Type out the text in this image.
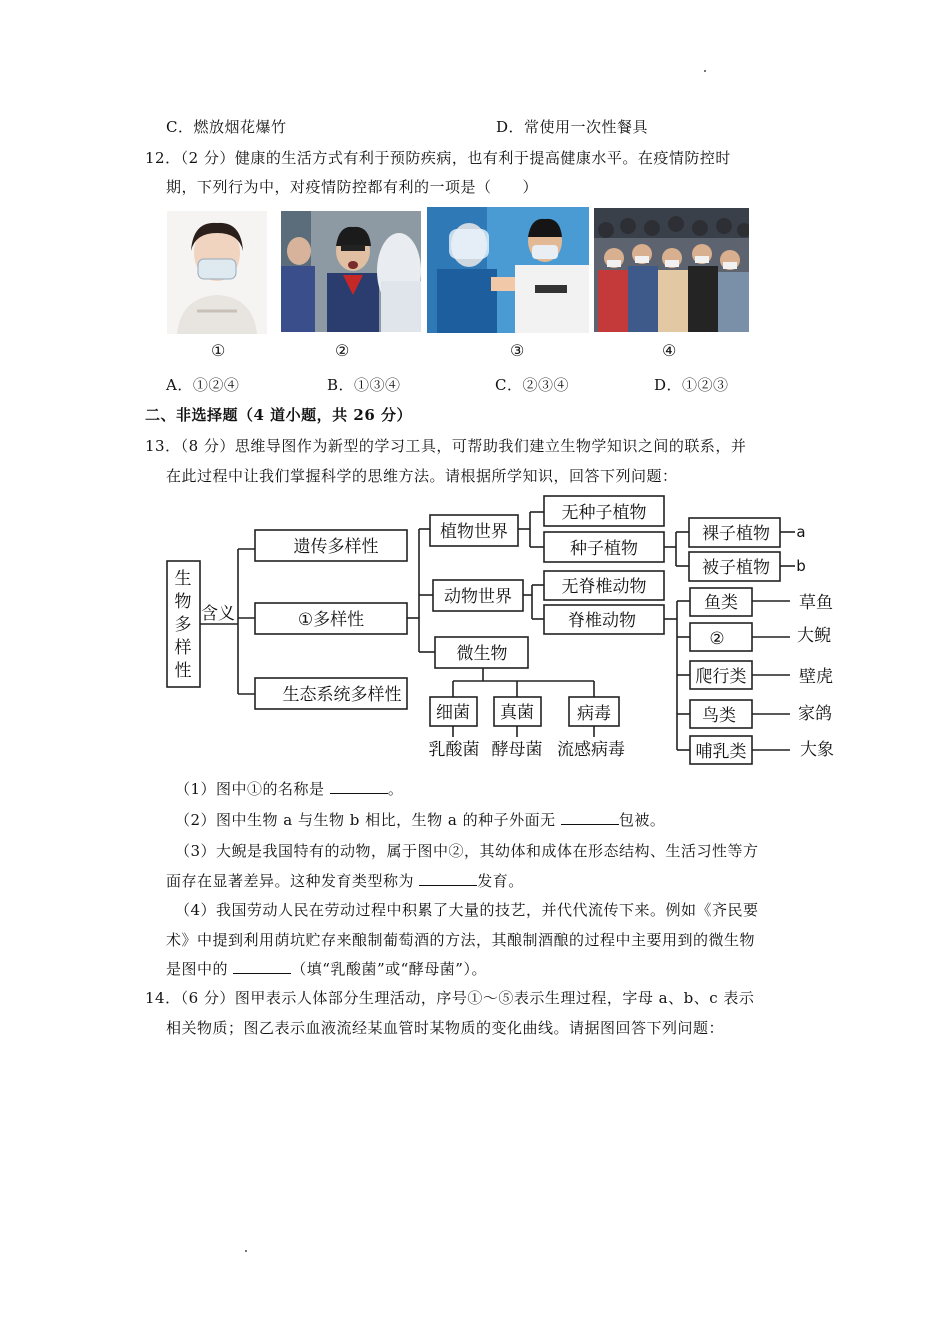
C．燃放烟花爆竹	D．常使用一次性餐具
12．（2 分）健康的生活方式有利于预防疾病，也有利于提高健康水平。在疫情防控时
期，下列行为中，对疫情防控都有利的一项是（　　）
①	②	③	④
A．①②④	B．①③④	C．②③④	D．①②③
二、非选择题（4 道小题，共 26 分）
13．（8 分）思维导图作为新型的学习工具，可帮助我们建立生物学知识之间的联系，并
在此过程中让我们掌握科学的思维方法。请根据所学知识，回答下列问题：
生
物
多
样
性
含义
遗传多样性
①多样性
生态系统多样性
植物世界
动物世界
微生物
无种子植物
种子植物
裸子植物
被子植物
a
b
无脊椎动物
脊椎动物
鱼类
②
爬行类
鸟类
哺乳类
草鱼
大鲵
壁虎
家鸽
大象
细菌 真菌	病毒
乳酸菌 酵母菌 流感病毒
（1）图中①的名称是	。
（2）图中生物 a 与生物 b 相比，生物 a 的种子外面无	包被。
（3）大鲵是我国特有的动物，属于图中②，其幼体和成体在形态结构、生活习性等方
面存在显著差异。这种发育类型称为	发育。
（4）我国劳动人民在劳动过程中积累了大量的技艺，并代代流传下来。例如《齐民要
术》中提到利用荫坑贮存来酿制葡萄酒的方法，其酿制酒酿的过程中主要用到的微生物
是图中的	（填“乳酸菌”或“酵母菌”）。
14．（6 分）图甲表示人体部分生理活动，序号①～⑤表示生理过程，字母 a、b、c 表示
相关物质；图乙表示血液流经某血管时某物质的变化曲线。请据图回答下列问题：
